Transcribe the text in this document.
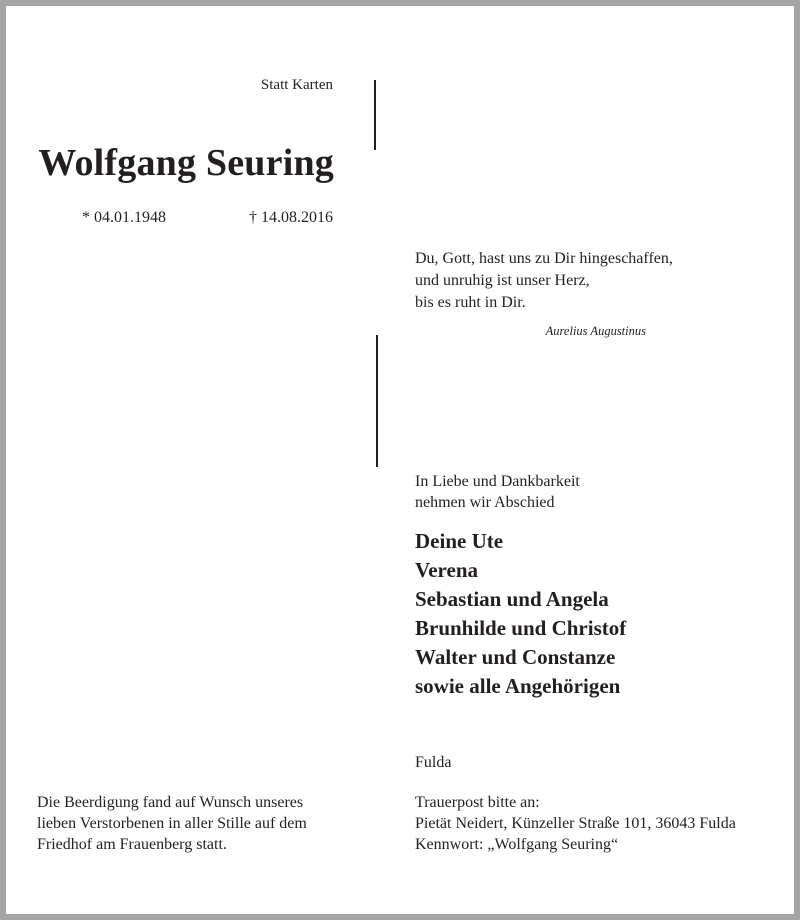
Statt Karten
Wolfgang Seuring
* 04.01.1948	† 14.08.2016
Du, Gott, hast uns zu Dir hingeschaffen,
und unruhig ist unser Herz,
bis es ruht in Dir.
Aurelius Augustinus
In Liebe und Dankbarkeit
nehmen wir Abschied
Deine Ute
Verena
Sebastian und Angela
Brunhilde und Christof
Walter und Constanze
sowie alle Angehörigen
Fulda
Trauerpost bitte an:
Pietät Neidert, Künzeller Straße 101, 36043 Fulda
Kennwort: „Wolfgang Seuring“
Die Beerdigung fand auf Wunsch unseres
lieben Verstorbenen in aller Stille auf dem
Friedhof am Frauenberg statt.
